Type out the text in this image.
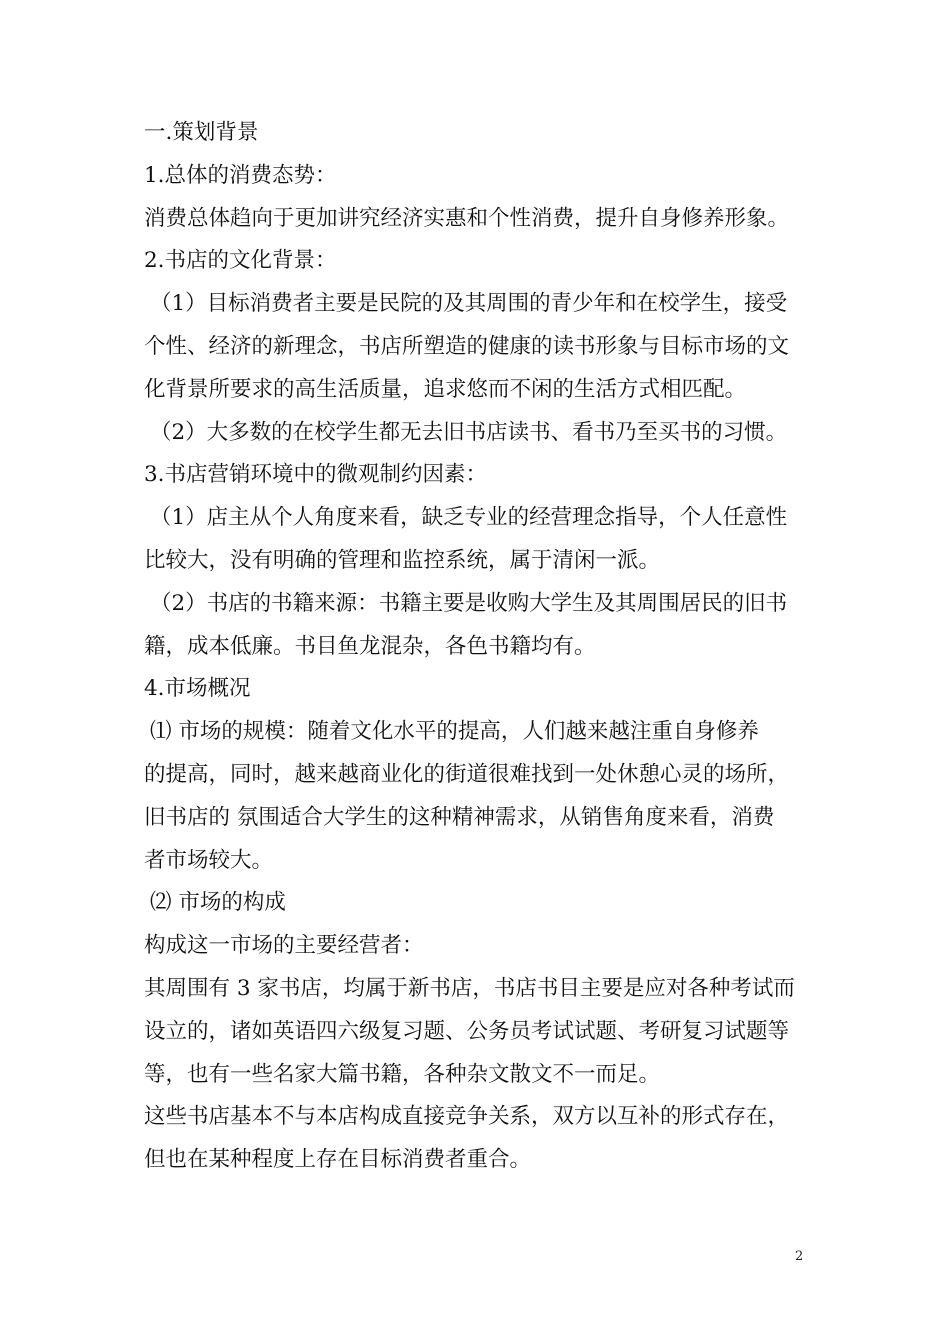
一.策划背景
1.总体的消费态势：
消费总体趋向于更加讲究经济实惠和个性消费，提升自身修养形象。
2.书店的文化背景：
（1）目标消费者主要是民院的及其周围的青少年和在校学生，接受
个性、经济的新理念，书店所塑造的健康的读书形象与目标市场的文
化背景所要求的高生活质量，追求悠而不闲的生活方式相匹配。
（2）大多数的在校学生都无去旧书店读书、看书乃至买书的习惯。
3.书店营销环境中的微观制约因素：
（1）店主从个人角度来看，缺乏专业的经营理念指导，个人任意性
比较大，没有明确的管理和监控系统，属于清闲一派。
（2）书店的书籍来源：书籍主要是收购大学生及其周围居民的旧书
籍，成本低廉。书目鱼龙混杂，各色书籍均有。
4.市场概况
⑴ 市场的规模：随着文化水平的提高，人们越来越注重自身修养
的提高，同时，越来越商业化的街道很难找到一处休憩心灵的场所，
旧书店的 氛围适合大学生的这种精神需求，从销售角度来看，消费
者市场较大。
⑵ 市场的构成
构成这一市场的主要经营者：
其周围有 3 家书店，均属于新书店，书店书目主要是应对各种考试而
设立的，诸如英语四六级复习题、公务员考试试题、考研复习试题等
等，也有一些名家大篇书籍，各种杂文散文不一而足。
这些书店基本不与本店构成直接竞争关系，双方以互补的形式存在，
但也在某种程度上存在目标消费者重合。
2
